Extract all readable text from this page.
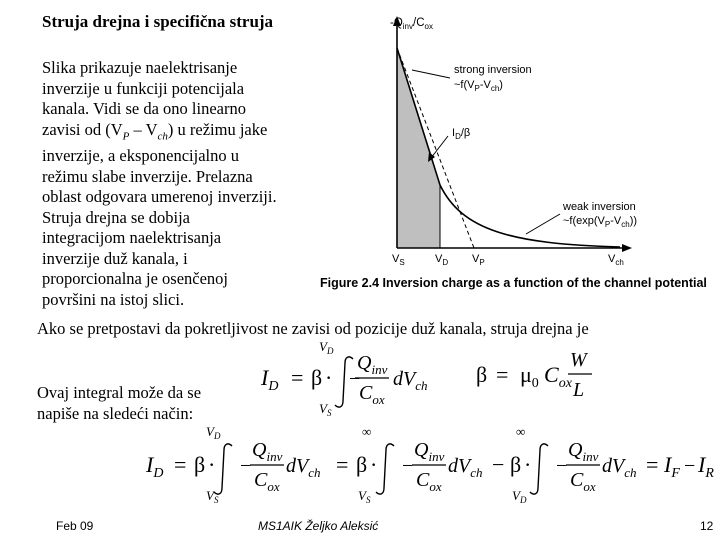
Struja drejna i specifična struja
Slika prikazuje naelektrisanje
inverzije u funkciji potencijala
kanala. Vidi se da ono linearno
zavisi od $(V_P - V_{ch})$ u režimu jake
inverzije, a eksponencijalno u
režimu slabe inverzije. Prelazna
oblast odgovara umerenoj inverziji.
Struja drejna se dobija
integracijom naelektrisanja
inverzije duž kanala, i
proporcionalna je osenčenoj
površini na istoj slici.
$-Q_{inv}/C_{ox}$
strong inversion
$\sim f(V_P-V_{ch})$
$I_D/\beta$
weak inversion
$\sim f(\exp(V_P-V_{ch}))$
$V_S$	$V_D$ $V_P$	$V_{ch}$
Figure 2.4 Inversion charge as a function of the channel potential
Ako se pretpostavi da pokretljivost ne zavisi od pozicije duž kanala, struja drejna je
$I_D = \beta$ ·
$V_D$
$V_S$
−
$Q_{inv}$
$C_{ox}$
$dV_{ch}$ $\beta = \mu_0$ $C_{ox}$
W
L
Ovaj integral može da se
napiše na sledeći način:
$I_D = \beta$ ·
$V_D$
$V_S$
−
$Q_{inv}$
$C_{ox}$
$dV_{ch} = \beta$ ·
∞
$V_S$
−
$Q_{inv}$
$C_{ox}$
$dV_{ch} - \beta$ ·
∞
$V_D$
−
$Q_{inv}$
$C_{ox}$
$dV_{ch} = I_F - I_R$
Feb 09	MS1AIK Željko Aleksić	12
